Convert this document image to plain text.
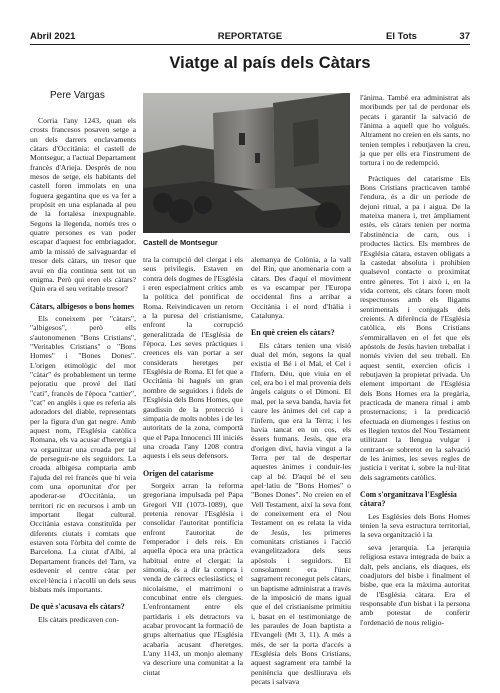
Abril 2021	REPORTATGE	El Tots	37
Viatge al país dels Càtars
Pere Vargas

Corria l'any 1243, quan els crosts francesos posaven setge a un dels darrers enclavaments càtars d'Occitània: el castell de Montsegur, a l'actual Departament francès d'Arieja. Després de nou mesos de setge, els habitants del castell foren immolats en una foguera gegantina que es va fer a propòsit en una esplanada al peu de la fortalesa inexpugnable. Segons la llegenda, només tres o quatre persones es van poder escapar d'aquest foc embriagador, amb la missió de salvaguardar el tresor dels càtars, un tresor que avui en dia continua sent tot un enigma. Però qui eren els càtars? Quin era el seu veritable tresor?

Càtars, albigesos o bons homes

Els coneixem per "càtars", "albigesos", però ells s'autonomenen "Bons Cristians", "Veritables Cristians" o "Bons Homes" i "Bones Dones". L'origen etimològic del mot "càtar" és probablement un terme pejoratiu que prové del llatí "cati", francès de l'època "cattier", "cat" en anglès i que es referia als adoradors del diable, representats per la figura d'un gat negre. Amb aquest nom, l'Església catòlica Romana, els va acusar d'heretgia i va organitzar una croada per tal de perseguir-ne els seguidors. La croada albigesa comptaria amb l'ajuda del rei francès que hi veia com una oportunitat d'or per apoderar-se d'Occitània, un territori ric en recursos i amb un important llegat cultural. Occitània estava constituïda per diferents ciutats i comtats que estaven sota l'òrbita del comte de Barcelona. La ciutat d'Albi, al Departament francès del Tarn, va esdevenir el centre càtar per excel·lència i n'acollí un dels seus bisbats més importants.

De què s'acusava els càtars?

Els càtars predicaven con-

Castell de Montsegur

tra la corrupció del clergat i els seus privilegis. Estaven en contra dels dogmes de l'Església i eren especialment crítics amb la política del pontificat de Roma. Reivindicaven un retorn a la puresa del cristianisme, enfront la corrupció generalitzada de l'Església de l'època. Les seves pràctiques i creences els van portar a ser considerats heretges per l'Església de Roma. El fet que a Occitània hi hagués un gran nombre de seguidors i fidels de l'Església dels Bons Homes, que gaudissin de la protecció i simpatia de molts nobles i de les autoritats de la zona, comportà que el Papa Innocenci III iniciés una croada l'any 1208 contra aquests i els seus defensors.

Origen del catarisme

Sorgeix arran la reforma gregoriana impulsada pel Papa Gregori VII (1073-1089), que pretenia renovar l'Església i consolidar l'autoritat pontifícia enfront l'autoritat de l'emperador i dels reis. En aquella època era una pràctica habitual entre el clergat: la simonia, és a dir la compra i venda de càrrecs eclesiàstics; el nicolaisme, el matrimoni o concubinat entre els clergues. L'enfrontament entre els partidaris i els detractors va acabar provocant la formació de grups alternatius que l'Església acabaria acusant d'heretges. L'any 1143, un monjo alemany va descriure una comunitat a la ciutat

alemanya de Colònia, a la vall del Rin, que anomenaria com a càtars. Des d'aquí el moviment es va escampar per l'Europa occidental fins a arribar a Occitània i el nord d'Itàlia i Catalunya.

En què creien els càtars?

Els càtars tenien una visió dual del món, segons la qual existia el Bé i el Mal, el Cel i l'Infern. Déu, que viuia en el cel, era bo i el mal provenia dels àngels caiguts o el Dimoni. El mal, per la seva banda, havia fet caure les ànimes del cel cap a l'infern, que era la Terra; i les havia tancat en un cos, els éssers humans. Jesús, que era d'origen diví, havia vingut a la Terra per tal de despertar aquestes ànimes i conduir-les cap al bé. D'aquí bé el seu apel·latiu de "Bons Homes" o "Bones Dones". No creien en el Vell Testament, així la seva font de coneixement era el Nou Testament on es relata la vida de Jesús, les primeres comunitats cristianes i l'acció evangelitzadora dels seus apòstols i seguidors. El consolament era l'únic sagrament reconegut pels càtars, un baptisme administrat a través de la imposició de mans igual que el del cristianisme primitiu i, basat en el testimoniatge de les paraules de Joan baptista a l'Evangeli (Mt 3, 11). A més a més, de ser la porta d'accés a l'Església dels Bons Cristians, aquest sagrament era també la penitència que deslliurava els pecats i salvava

l'ànima. També era administrat als moribunds per tal de perdonar els pecats i garantir la salvació de l'ànima a aquell que ho volgués. Altrament no creien en els sants, no tenien temples i rebutjaven la creu, ja que per ells era l'instrument de tortura i no de redempció.

Pràctiques del catarisme Els Bons Cristians practicaven també l'endura, és a dir un període de dejuni ritual, a pa i aigua. De la mateixa manera i, tret àmpliament estès, els càtars tenien per norma l'abstinència de carn, ous i productes làctics. Els membres de l'Església càtara, estaven obligats a la castedat absoluta i prohibien qualsevol contacte o proximitat entre gèneres. Tot i això i, en la vida corrent, els càtars foren molt respectuosos amb els lligams sentimentals i conjugals dels creients. A diferència de l'Església catòlica, els Bons Cristians s'emmirallaven en el fet que els apòstols de Jesús havien treballat i només vivien del seu treball. En aquest sentit, exercien oficis i rebutjaven la propietat privada. Un element important de l'Església dels Bons Homes era la pregària, practicada de manera ritual i amb prosternacions; i la predicació efectuada en diumenges i festius on es llegien textos del Nou Testament utilitzant la llengua vulgar i centrant-se sobretot en la salvació de les ànimes, les seves regles de justícia i veritat i, sobre la nul·litat dels sagraments catòlics.

Com s'organitzava l'Església càtara?

Les Esglésies dels Bons Homes tenien la seva estructura territorial, la seva organització i la

seva jerarquia. La jerarquia religiosa estava integrada de baix a dalt, pels ancians, els diaques, els coadjutors del bisbe i finalment el bisbe, que era la màxima autoritat de l'Església càtara. Era el responsable d'un bisbat i la persona amb potestat de conferir l'ordenació de nous religio-
